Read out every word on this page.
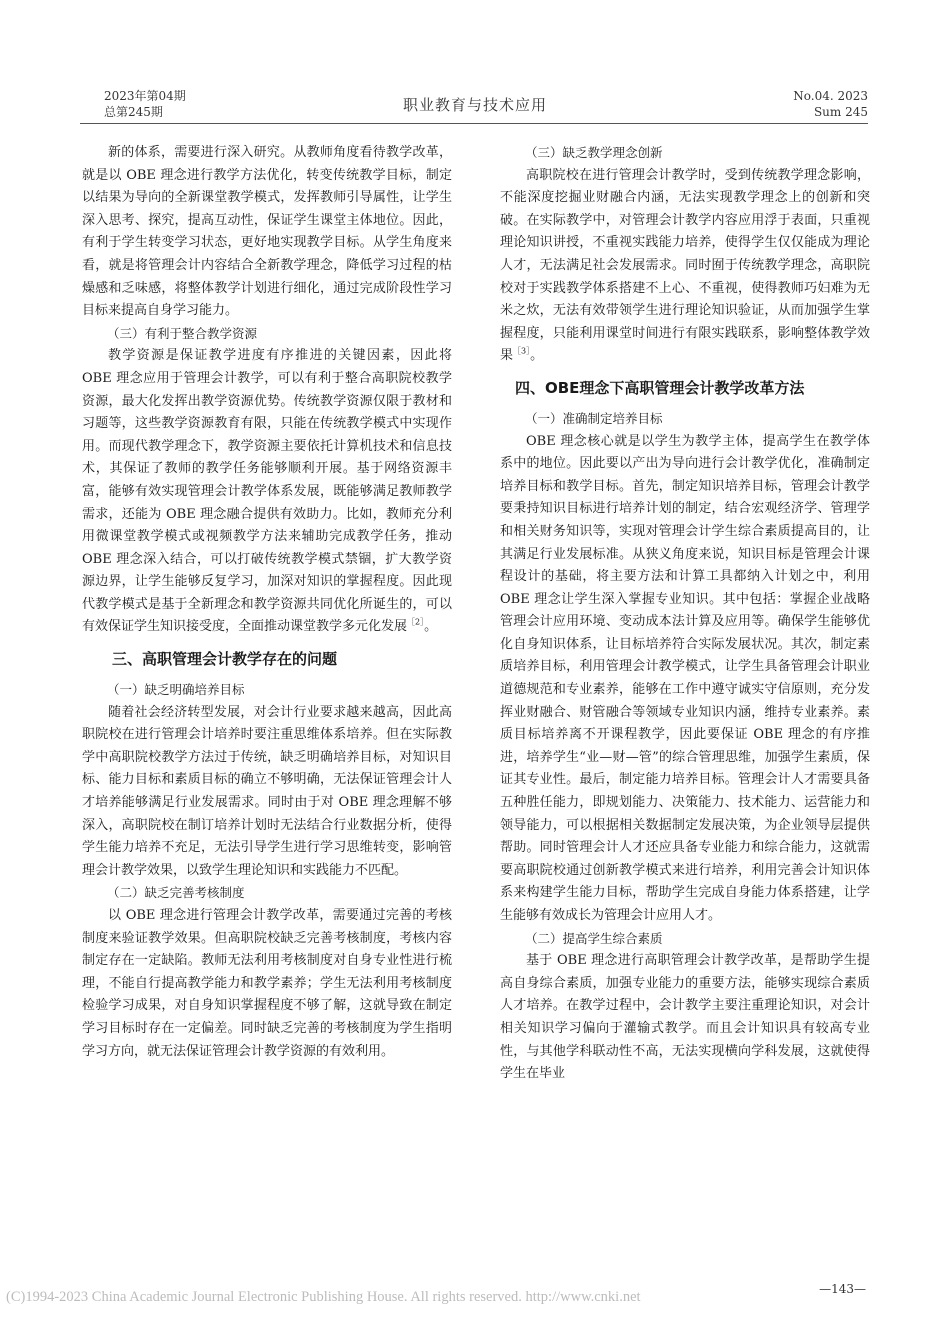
2023年第04期
总第245期	职业教育与技术应用	No.04. 2023
Sum 245

新的体系，需要进行深入研究。从教师角度看待教学改革，就是以 OBE 理念进行教学方法优化，转变传统教学目标，制定以结果为导向的全新课堂教学模式，发挥教师引导属性，让学生深入思考、探究，提高互动性，保证学生课堂主体地位。因此，有利于学生转变学习状态，更好地实现教学目标。从学生角度来看，就是将管理会计内容结合全新教学理念，降低学习过程的枯燥感和乏味感，将整体教学计划进行细化，通过完成阶段性学习目标来提高自身学习能力。

（三）有利于整合教学资源

教学资源是保证教学进度有序推进的关键因素，因此将 OBE 理念应用于管理会计教学，可以有利于整合高职院校教学资源，最大化发挥出教学资源优势。传统教学资源仅限于教材和习题等，这些教学资源教育有限，只能在传统教学模式中实现作用。而现代教学理念下，教学资源主要依托计算机技术和信息技术，其保证了教师的教学任务能够顺利开展。基于网络资源丰富，能够有效实现管理会计教学体系发展，既能够满足教师教学需求，还能为 OBE 理念融合提供有效助力。比如，教师充分利用微课堂教学模式或视频教学方法来辅助完成教学任务，推动 OBE 理念深入结合，可以打破传统教学模式禁锢，扩大教学资源边界，让学生能够反复学习，加深对知识的掌握程度。因此现代教学模式是基于全新理念和教学资源共同优化所诞生的，可以有效保证学生知识接受度，全面推动课堂教学多元化发展$^{[2]}$。

三、高职管理会计教学存在的问题
（一）缺乏明确培养目标

随着社会经济转型发展，对会计行业要求越来越高，因此高职院校在进行管理会计培养时要注重思维体系培养。但在实际教学中高职院校教学方法过于传统，缺乏明确培养目标，对知识目标、能力目标和素质目标的确立不够明确，无法保证管理会计人才培养能够满足行业发展需求。同时由于对 OBE 理念理解不够深入，高职院校在制订培养计划时无法结合行业数据分析，使得学生能力培养不充足，无法引导学生进行学习思维转变，影响管理会计教学效果，以致学生理论知识和实践能力不匹配。

（二）缺乏完善考核制度

以 OBE 理念进行管理会计教学改革，需要通过完善的考核制度来验证教学效果。但高职院校缺乏完善考核制度，考核内容制定存在一定缺陷。教师无法利用考核制度对自身专业性进行梳理，不能自行提高教学能力和教学素养；学生无法利用考核制度检验学习成果，对自身知识掌握程度不够了解，这就导致在制定学习目标时存在一定偏差。同时缺乏完善的考核制度为学生指明学习方向，就无法保证管理会计教学资源的有效利用。

（三）缺乏教学理念创新

高职院校在进行管理会计教学时，受到传统教学理念影响，不能深度挖掘业财融合内涵，无法实现教学理念上的创新和突破。在实际教学中，对管理会计教学内容应用浮于表面，只重视理论知识讲授，不重视实践能力培养，使得学生仅仅能成为理论人才，无法满足社会发展需求。同时囿于传统教学理念，高职院校对于实践教学体系搭建不上心、不重视，使得教师巧妇难为无米之炊，无法有效带领学生进行理论知识验证，从而加强学生掌握程度，只能利用课堂时间进行有限实践联系，影响整体教学效果$^{[3]}$。

四、OBE理念下高职管理会计教学改革方法
（一）准确制定培养目标

OBE 理念核心就是以学生为教学主体，提高学生在教学体系中的地位。因此要以产出为导向进行会计教学优化，准确制定培养目标和教学目标。首先，制定知识培养目标，管理会计教学要秉持知识目标进行培养计划的制定，结合宏观经济学、管理学和相关财务知识等，实现对管理会计学生综合素质提高目的，让其满足行业发展标准。从狭义角度来说，知识目标是管理会计课程设计的基础，将主要方法和计算工具都纳入计划之中，利用 OBE 理念让学生深入掌握专业知识。其中包括：掌握企业战略管理会计应用环境、变动成本法计算及应用等。确保学生能够优化自身知识体系，让目标培养符合实际发展状况。其次，制定素质培养目标，利用管理会计教学模式，让学生具备管理会计职业道德规范和专业素养，能够在工作中遵守诚实守信原则，充分发挥业财融合、财管融合等领域专业知识内涵，维持专业素养。素质目标培养离不开课程教学，因此要保证 OBE 理念的有序推进，培养学生“业—财—管”的综合管理思维，加强学生素质，保证其专业性。最后，制定能力培养目标。管理会计人才需要具备五种胜任能力，即规划能力、决策能力、技术能力、运营能力和领导能力，可以根据相关数据制定发展决策，为企业领导层提供帮助。同时管理会计人才还应具备专业能力和综合能力，这就需要高职院校通过创新教学模式来进行培养，利用完善会计知识体系来构建学生能力目标，帮助学生完成自身能力体系搭建，让学生能够有效成长为管理会计应用人才。

（二）提高学生综合素质

基于 OBE 理念进行高职管理会计教学改革，是帮助学生提高自身综合素质，加强专业能力的重要方法，能够实现综合素质人才培养。在教学过程中，会计教学主要注重理论知识，对会计相关知识学习偏向于灌输式教学。而且会计知识具有较高专业性，与其他学科联动性不高，无法实现横向学科发展，这就使得学生在毕业

—143—
(C)1994-2023 China Academic Journal Electronic Publishing House. All rights reserved. http://www.cnki.net
